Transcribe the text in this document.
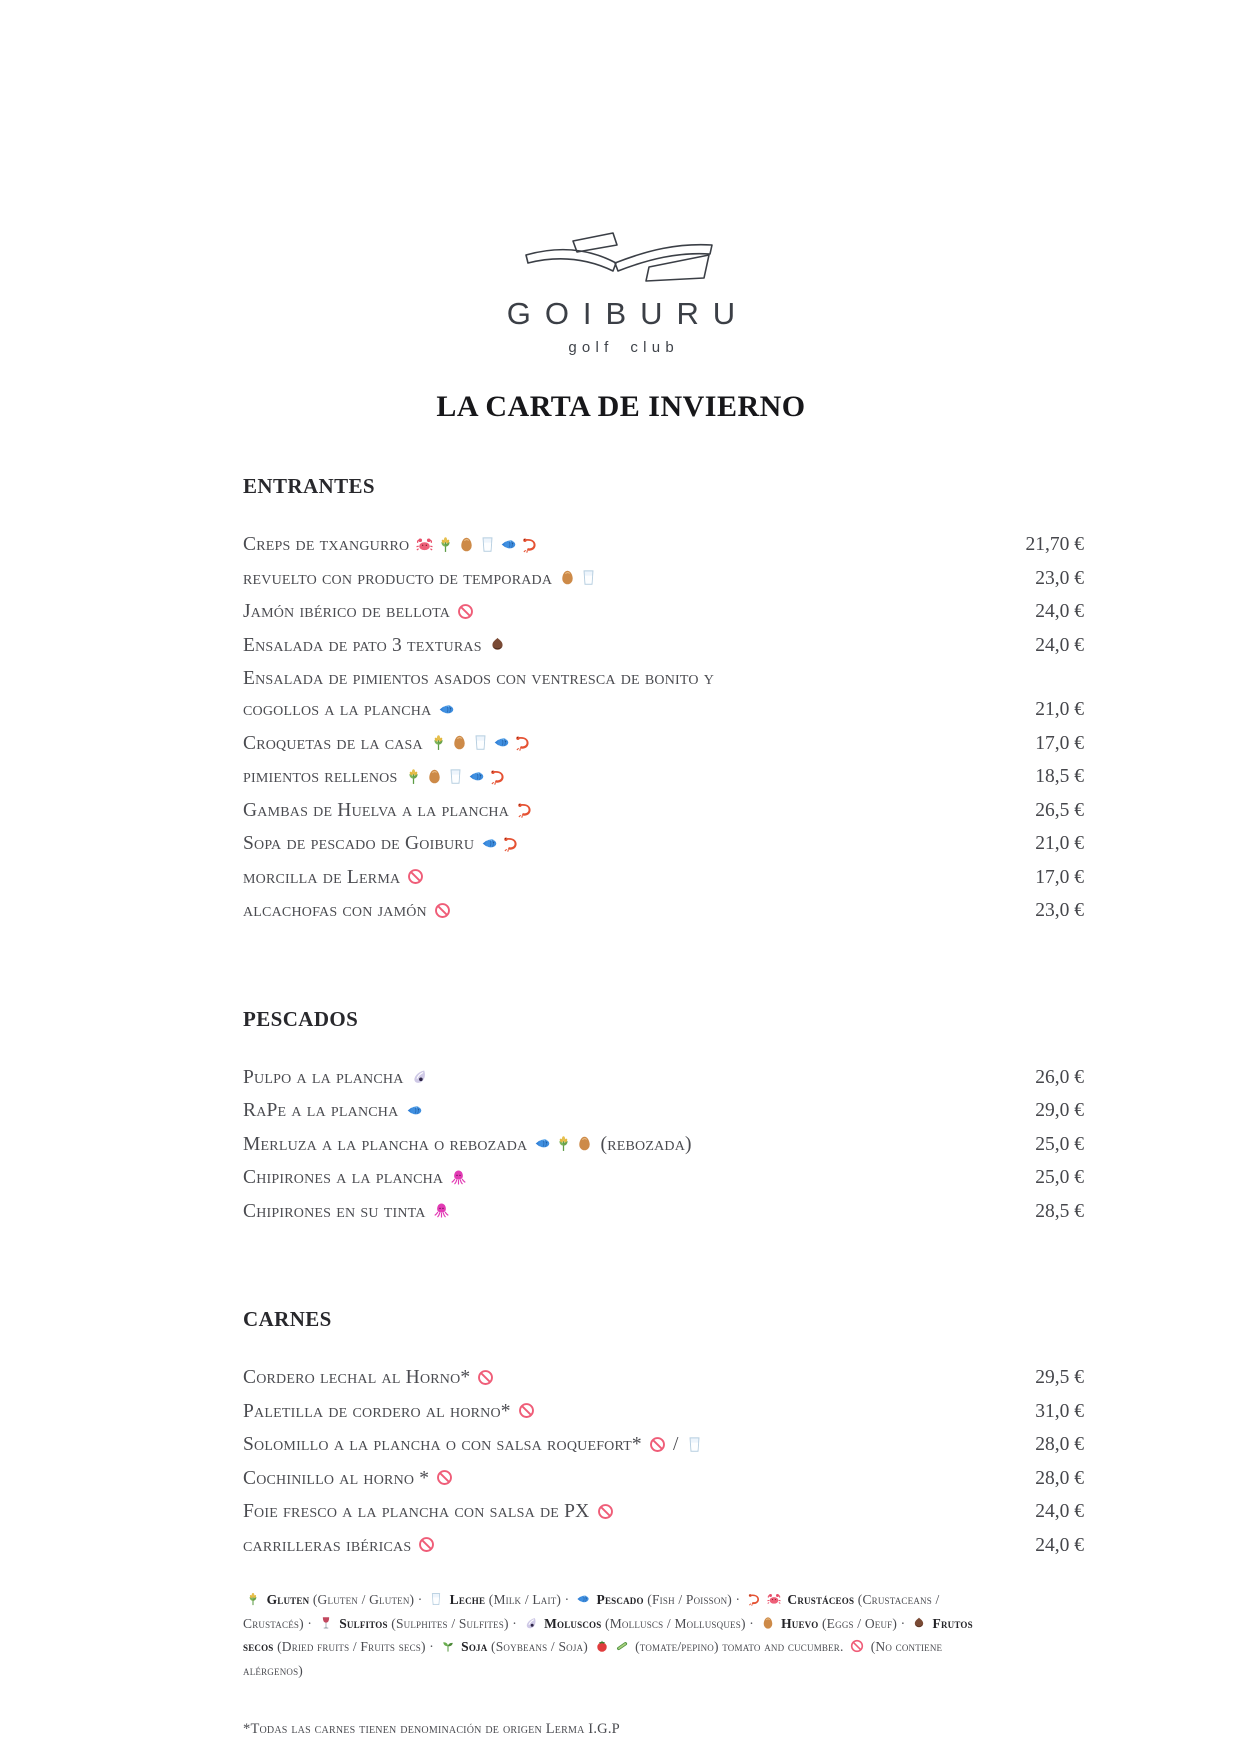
GOIBURU
golf club
LA CARTA DE INVIERNO
ENTRANTES
Creps de txangurro	21,70 €
revuelto con producto de temporada	23,0 €
Jamón ibérico de bellota	24,0 €
Ensalada de pato 3 texturas	24,0 €
Ensalada de pimientos asados con ventresca de bonito y
cogollos a la plancha	21,0 €
Croquetas de la casa	17,0 €
pimientos rellenos	18,5 €
Gambas de Huelva a la plancha	26,5 €
Sopa de pescado de Goiburu	21,0 €
morcilla de Lerma	17,0 €
alcachofas con jamón	23,0 €
PESCADOS
Pulpo a la plancha	26,0 €
RaPe a la plancha	29,0 €
Merluza a la plancha o rebozada	(rebozada)	25,0 €
Chipirones a la plancha	25,0 €
Chipirones en su tinta	28,5 €
CARNES
Cordero lechal al Horno*	29,5 €
Paletilla de cordero al horno*	31,0 €
Solomillo a la plancha o con salsa roquefort*  /	28,0 €
Cochinillo al horno *	28,0 €
Foie fresco a la plancha con salsa de PX	24,0 €
carrilleras ibéricas	24,0 €

Gluten (Gluten / Gluten) ·  Leche (Milk / Lait) ·  Pescado (Fish / Poisson) ·	Crustáceos (Crustaceans / Crustacés) ·  Sulfitos (Sulphites / Sulfites) ·  Moluscos (Molluscs / Mollusques) ·  Huevo (Eggs / Oeuf) ·  Frutos secos (Dried fruits / Fruits secs) ·  Soja (Soybeans / Soja)	(tomate/pepino) tomato and cucumber.  (No contiene alérgenos)

*Todas las carnes tienen denominación de origen Lerma I.G.P
